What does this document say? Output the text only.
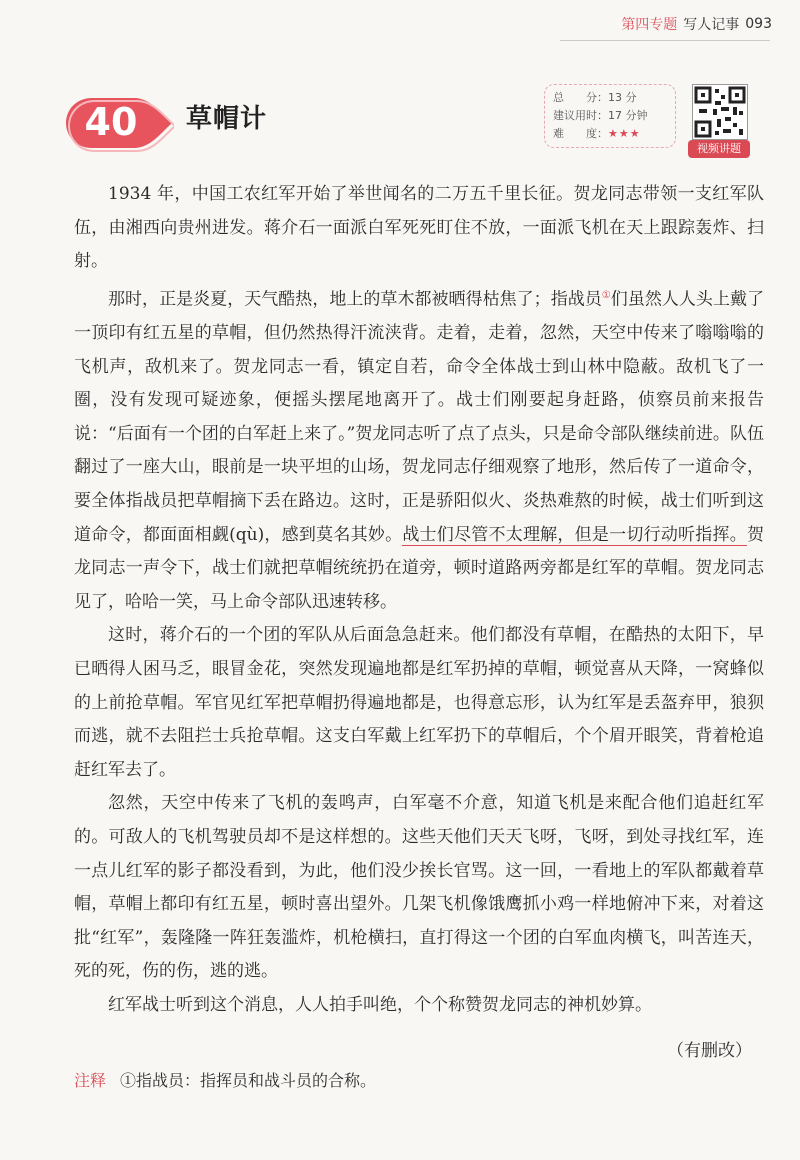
第四专题 写人记事 093
40	草帽计
总　　分：13 分
建议用时：17 分钟
难　　度：★★★
视频讲题

1934 年，中国工农红军开始了举世闻名的二万五千里长征。贺龙同志带领一支红军队伍，由湘西向贵州进发。蒋介石一面派白军死死盯住不放，一面派飞机在天上跟踪轰炸、扫射。

那时，正是炎夏，天气酷热，地上的草木都被晒得枯焦了；指战员①们虽然人人头上戴了一顶印有红五星的草帽，但仍然热得汗流浃背。走着，走着，忽然，天空中传来了嗡嗡嗡的飞机声，敌机来了。贺龙同志一看，镇定自若，命令全体战士到山林中隐蔽。敌机飞了一圈，没有发现可疑迹象，便摇头摆尾地离开了。战士们刚要起身赶路，侦察员前来报告说：“后面有一个团的白军赶上来了。”贺龙同志听了点了点头，只是命令部队继续前进。队伍翻过了一座大山，眼前是一块平坦的山场，贺龙同志仔细观察了地形，然后传了一道命令，要全体指战员把草帽摘下丢在路边。这时，正是骄阳似火、炎热难熬的时候，战士们听到这道命令，都面面相觑(qù)，感到莫名其妙。战士们尽管不太理解，但是一切行动听指挥。贺龙同志一声令下，战士们就把草帽统统扔在道旁，顿时道路两旁都是红军的草帽。贺龙同志见了，哈哈一笑，马上命令部队迅速转移。

这时，蒋介石的一个团的军队从后面急急赶来。他们都没有草帽，在酷热的太阳下，早已晒得人困马乏，眼冒金花，突然发现遍地都是红军扔掉的草帽，顿觉喜从天降，一窝蜂似的上前抢草帽。军官见红军把草帽扔得遍地都是，也得意忘形，认为红军是丢盔弃甲，狼狈而逃，就不去阻拦士兵抢草帽。这支白军戴上红军扔下的草帽后，个个眉开眼笑，背着枪追赶红军去了。

忽然，天空中传来了飞机的轰鸣声，白军毫不介意，知道飞机是来配合他们追赶红军的。可敌人的飞机驾驶员却不是这样想的。这些天他们天天飞呀，飞呀，到处寻找红军，连一点儿红军的影子都没看到，为此，他们没少挨长官骂。这一回，一看地上的军队都戴着草帽，草帽上都印有红五星，顿时喜出望外。几架飞机像饿鹰抓小鸡一样地俯冲下来，对着这批“红军”，轰隆隆一阵狂轰滥炸，机枪横扫，直打得这一个团的白军血肉横飞，叫苦连天，死的死，伤的伤，逃的逃。

红军战士听到这个消息，人人拍手叫绝，个个称赞贺龙同志的神机妙算。

（有删改）
注释 ①指战员：指挥员和战斗员的合称。
